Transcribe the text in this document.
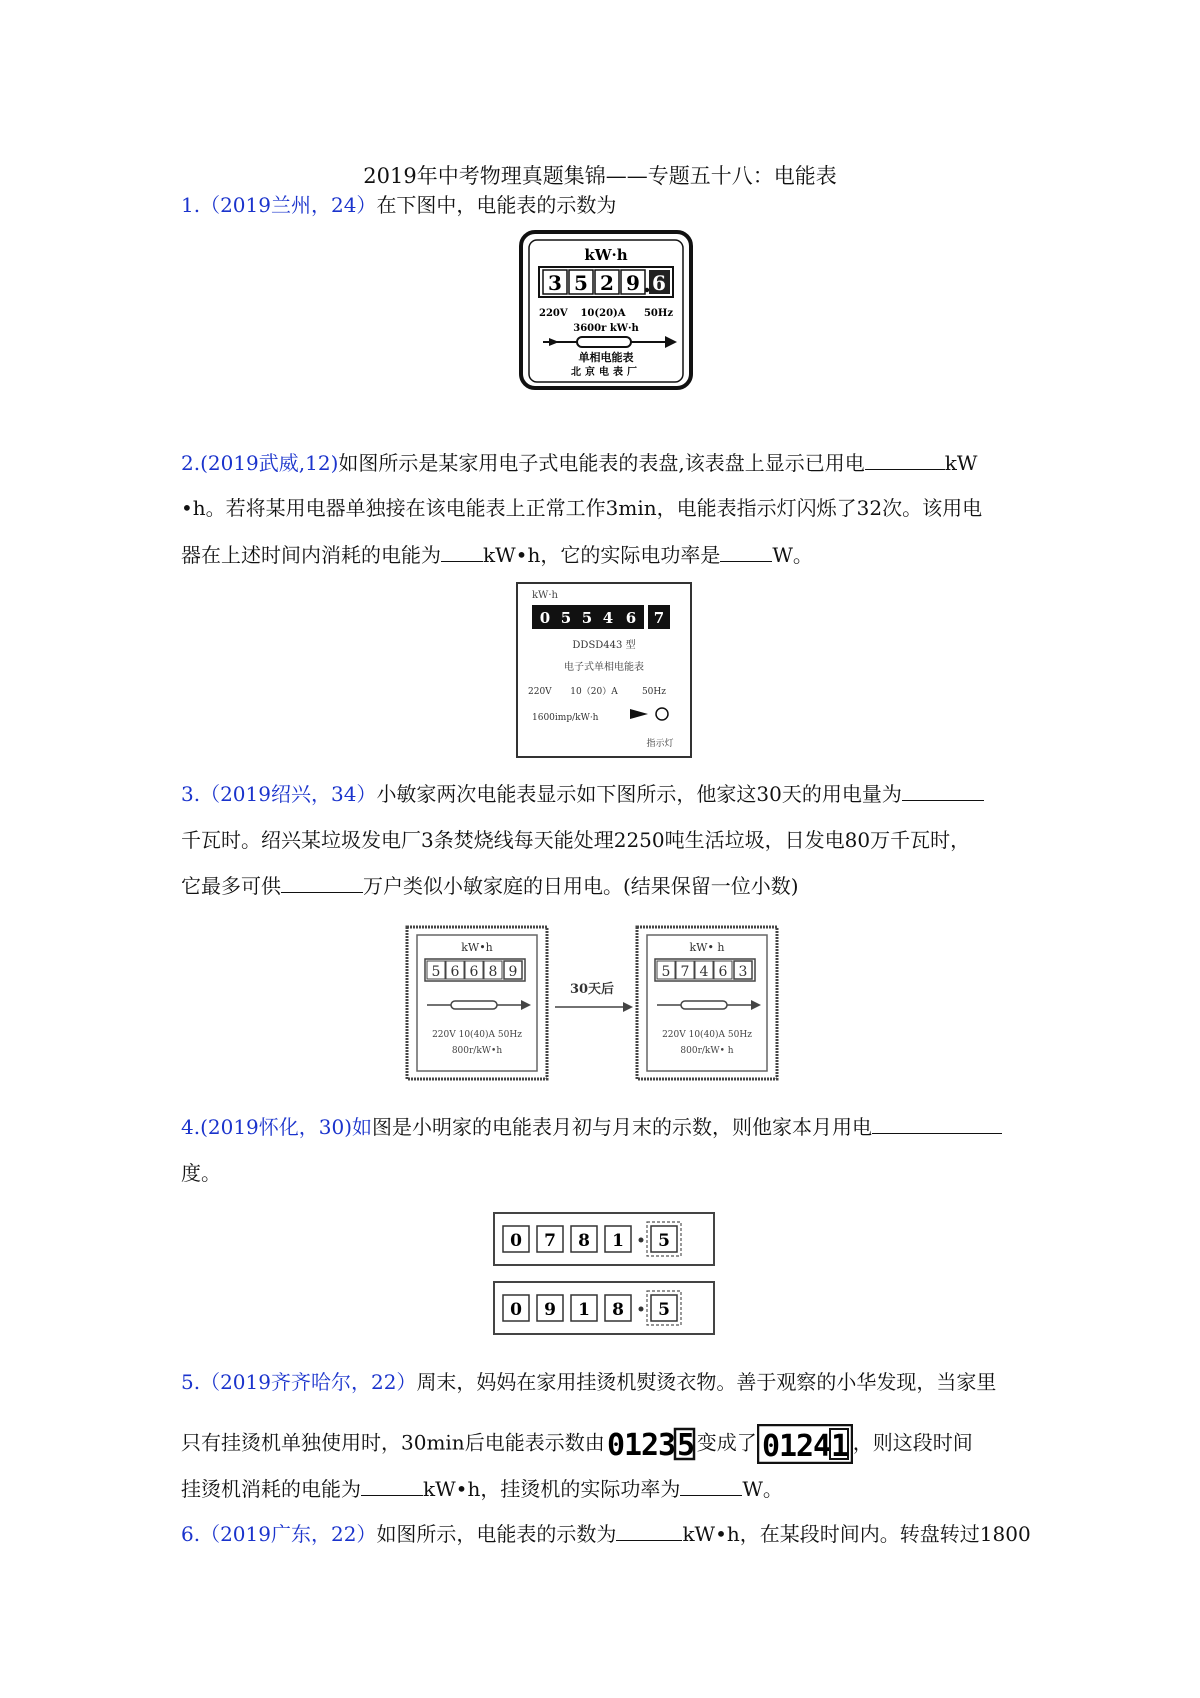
2019年中考物理真题集锦——专题五十八：电能表
1.（2019兰州，24）在下图中，电能表的示数为
kW·h
3 5 2 9 6
220V 10(20)A 50Hz
3600r kW·h
单相电能表
北京电表厂
2.(2019武威,12)如图所示是某家用电子式电能表的表盘,该表盘上显示已用电	kW
•h。若将某用电器单独接在该电能表上正常工作3min，电能表指示灯闪烁了32次。该用电
器在上述时间内消耗的电能为 kW•h，它的实际电功率是	W。
kW·h
0 5 5 4 6 7
DDSD443 型
电子式单相电能表
220V 10（20）A	50Hz
1600imp/kW·h
指示灯
3.（2019绍兴，34）小敏家两次电能表显示如下图所示，他家这30天的用电量为
千瓦时。绍兴某垃圾发电厂3条焚烧线每天能处理2250吨生活垃圾，日发电80万千瓦时，
它最多可供	万户类似小敏家庭的日用电。(结果保留一位小数)
kW•h
5 6 6 8 9
220V 10(40)A 50Hz
800r/kW•h
30天后
kW• h
5 7 4 6 3
220V 10(40)A 50Hz
800r/kW• h
4.(2019怀化，30)如图是小明家的电能表月初与月末的示数，则他家本月用电
度。
0 7 8 1 5
0 9 1 8 5
5.（2019齐齐哈尔，22）周末，妈妈在家用挂烫机熨烫衣物。善于观察的小华发现，当家里
只有挂烫机单独使用时，30min后电能表示数由 0
1
2
3 5 变成了 0
1
2
4 1 ，则这段时间
挂烫机消耗的电能为	kW•h，挂烫机的实际功率为	W。
6.（2019广东，22）如图所示，电能表的示数为	kW•h，在某段时间内。转盘转过1800
